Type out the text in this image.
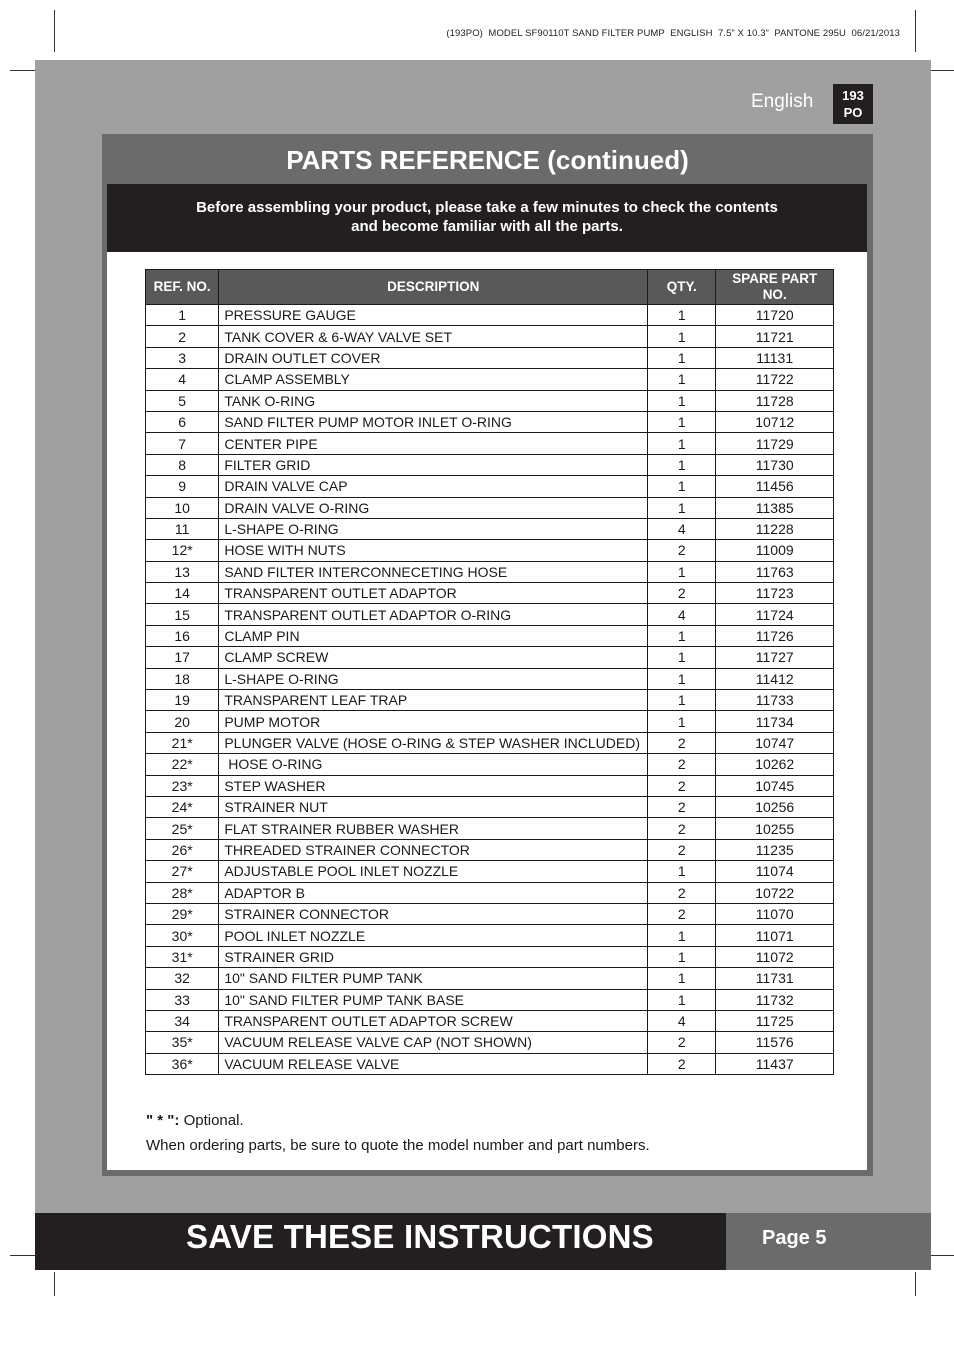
(193PO)  MODEL SF90110T SAND FILTER PUMP  ENGLISH  7.5” X 10.3”  PANTONE 295U  06/21/2013
English	193
PO
PARTS REFERENCE (continued)
Before assembling your product, please take a few minutes to check the contents
and become familiar with all the parts.
REF. NO.	DESCRIPTION	QTY.	SPARE PART NO.
1	PRESSURE GAUGE	1	11720
2	TANK COVER & 6-WAY VALVE SET	1	11721
3	DRAIN OUTLET COVER	1	11131
4	CLAMP ASSEMBLY	1	11722
5	TANK O-RING	1	11728
6	SAND FILTER PUMP MOTOR INLET O-RING	1	10712
7	CENTER PIPE	1	11729
8	FILTER GRID	1	11730
9	DRAIN VALVE CAP	1	11456
10	DRAIN VALVE O-RING	1	11385
11	L-SHAPE O-RING	4	11228
12*	HOSE WITH NUTS	2	11009
13	SAND FILTER INTERCONNECETING HOSE	1	11763
14	TRANSPARENT OUTLET ADAPTOR	2	11723
15	TRANSPARENT OUTLET ADAPTOR O-RING	4	11724
16	CLAMP PIN	1	11726
17	CLAMP SCREW	1	11727
18	L-SHAPE O-RING	1	11412
19	TRANSPARENT LEAF TRAP	1	11733
20	PUMP MOTOR	1	11734
21*	PLUNGER VALVE (HOSE O-RING & STEP WASHER INCLUDED)	2	10747
22*	HOSE O-RING	2	10262
23*	STEP WASHER	2	10745
24*	STRAINER NUT	2	10256
25*	FLAT STRAINER RUBBER WASHER	2	10255
26*	THREADED STRAINER CONNECTOR	2	11235
27*	ADJUSTABLE POOL INLET NOZZLE	1	11074
28*	ADAPTOR B	2	10722
29*	STRAINER CONNECTOR	2	11070
30*	POOL INLET NOZZLE	1	11071
31*	STRAINER GRID	1	11072
32	10" SAND FILTER PUMP TANK	1	11731
33	10" SAND FILTER PUMP TANK BASE	1	11732
34	TRANSPARENT OUTLET ADAPTOR SCREW	4	11725
35*	VACUUM RELEASE VALVE CAP (NOT SHOWN)	2	11576
36*	VACUUM RELEASE VALVE	2	11437
" * ": Optional.
When ordering parts, be sure to quote the model number and part numbers.
SAVE THESE INSTRUCTIONS	Page 5
